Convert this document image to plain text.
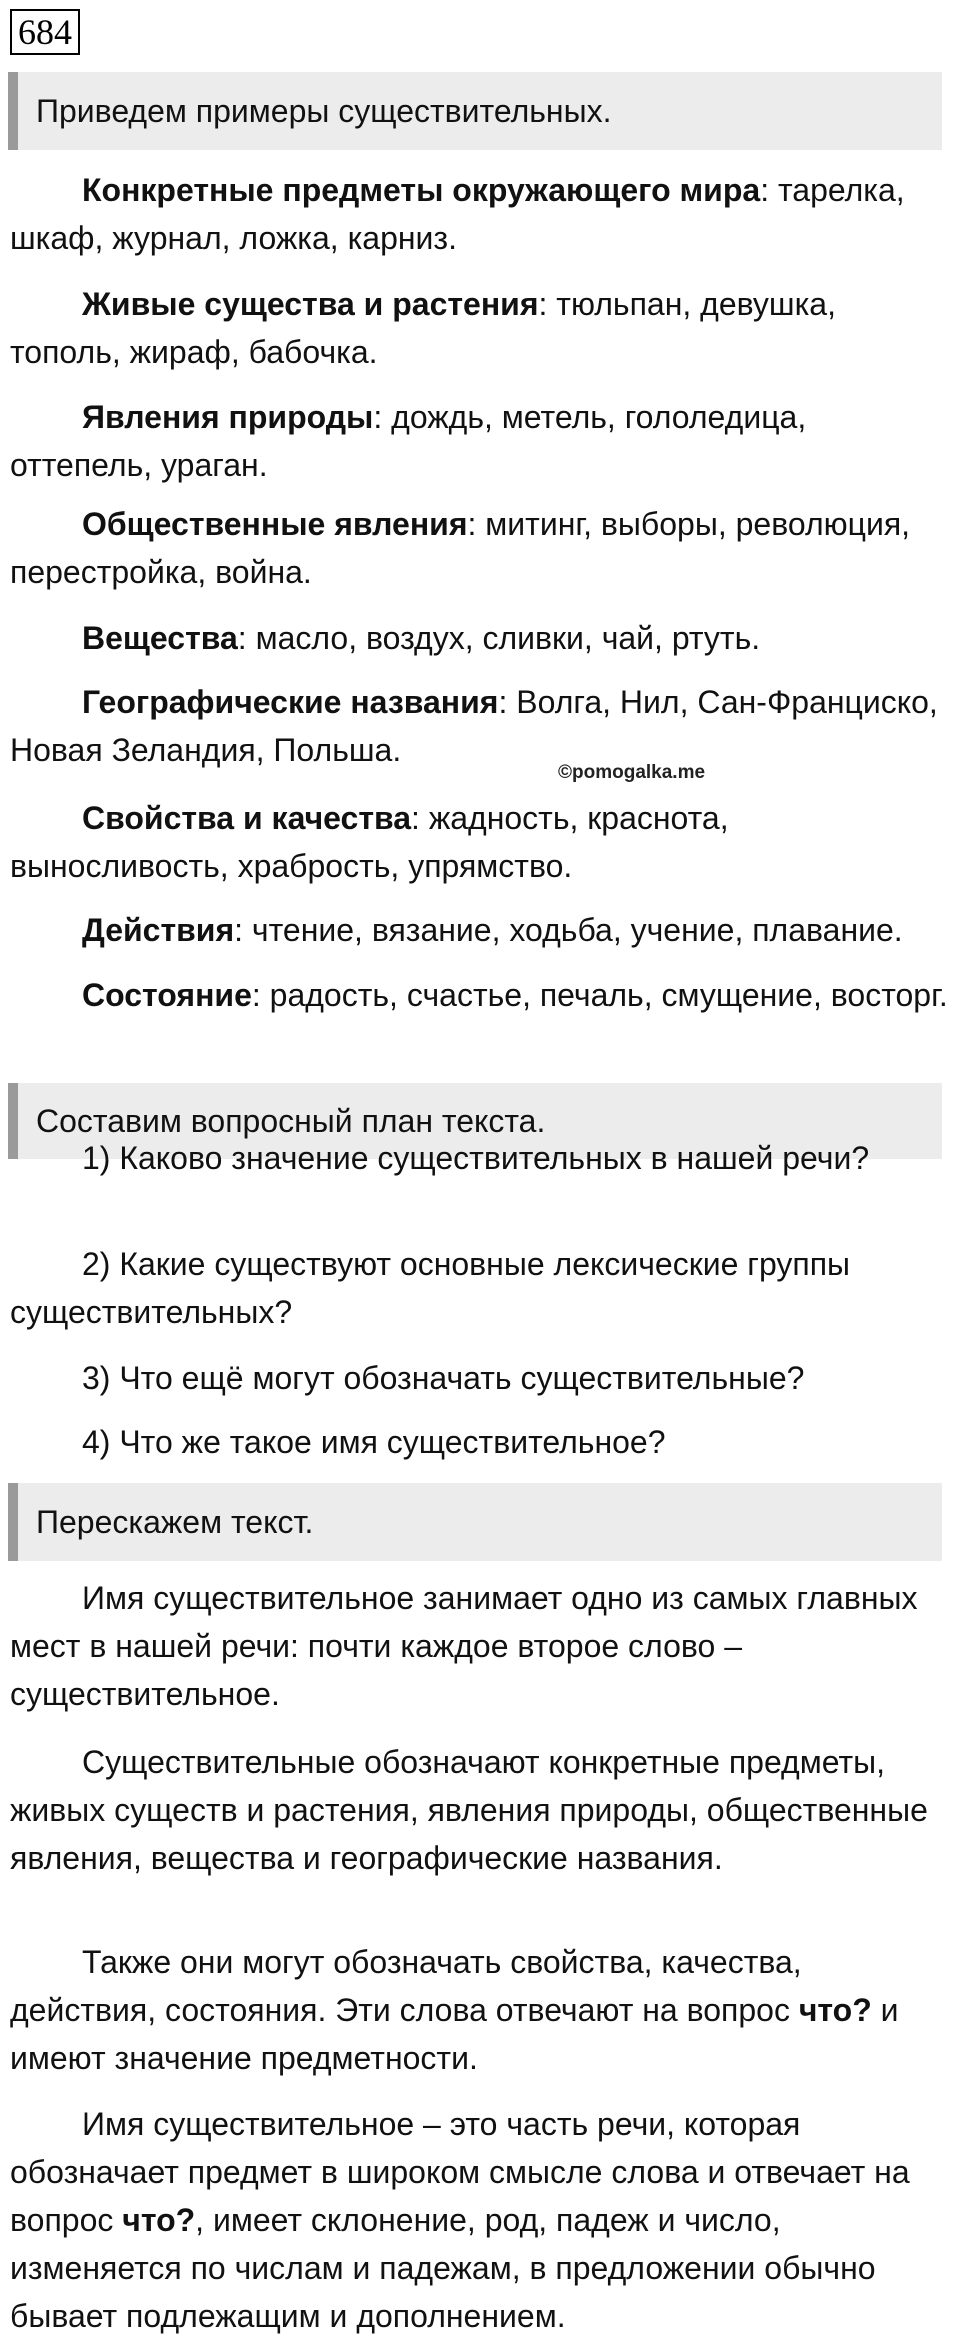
684
Приведем примеры существительных.

Конкретные предметы окружающего мира: тарелка, шкаф, журнал, ложка, карниз.

Живые существа и растения: тюльпан, девушка, тополь, жираф, бабочка.

Явления природы: дождь, метель, гололедица, оттепель, ураган.

Общественные явления: митинг, выборы, революция, перестройка, война.

Вещества: масло, воздух, сливки, чай, ртуть.

Географические названия: Волга, Нил, Сан-Франциско, Новая Зеландия, Польша.

©pomogalka.me

Свойства и качества: жадность, краснота, выносливость, храбрость, упрямство.

Действия: чтение, вязание, ходьба, учение, плавание.

Состояние: радость, счастье, печаль, смущение, восторг.

Составим вопросный план текста.

1) Каково значение существительных в нашей речи?

2) Какие существуют основные лексические группы существительных?

3) Что ещё могут обозначать существительные?

4) Что же такое имя существительное?

Перескажем текст.

Имя существительное занимает одно из самых главных мест в нашей речи: почти каждое второе слово – существительное.

Существительные обозначают конкретные предметы, живых существ и растения, явления природы, общественные явления, вещества и географические названия.

Также они могут обозначать свойства, качества, действия, состояния. Эти слова отвечают на вопрос что? и имеют значение предметности.

Имя существительное – это часть речи, которая обозначает предмет в широком смысле слова и отвечает на вопрос что?, имеет склонение, род, падеж и число, изменяется по числам и падежам, в предложении обычно бывает подлежащим и дополнением.
